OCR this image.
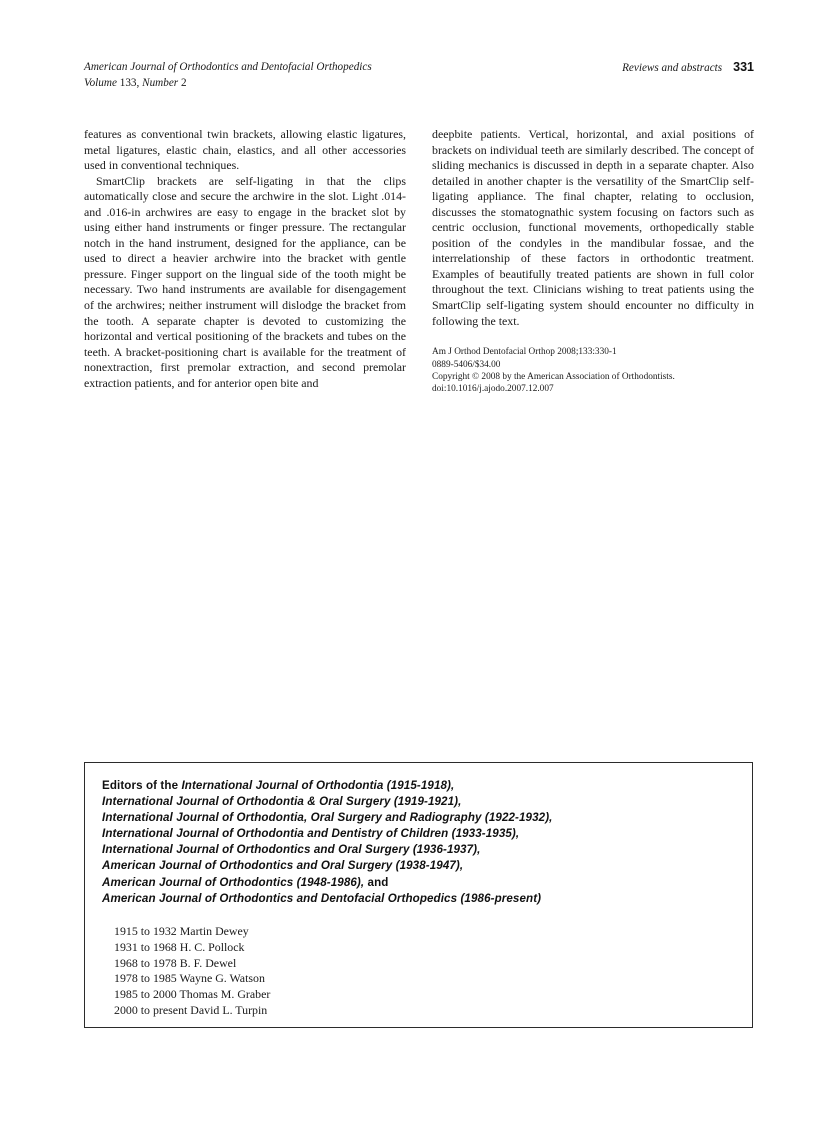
American Journal of Orthodontics and Dentofacial Orthopedics
Volume 133, Number 2
Reviews and abstracts 331

features as conventional twin brackets, allowing elastic ligatures, metal ligatures, elastic chain, elastics, and all other accessories used in conventional techniques.

SmartClip brackets are self-ligating in that the clips automatically close and secure the archwire in the slot. Light .014- and .016-in archwires are easy to engage in the bracket slot by using either hand instruments or finger pressure. The rectangular notch in the hand instrument, designed for the appliance, can be used to direct a heavier archwire into the bracket with gentle pressure. Finger support on the lingual side of the tooth might be necessary. Two hand instruments are available for disengagement of the archwires; neither instrument will dislodge the bracket from the tooth. A separate chapter is devoted to customizing the horizontal and vertical positioning of the brackets and tubes on the teeth. A bracket-positioning chart is available for the treatment of nonextraction, first premolar extraction, and second premolar extraction patients, and for anterior open bite and

deepbite patients. Vertical, horizontal, and axial positions of brackets on individual teeth are similarly described. The concept of sliding mechanics is discussed in depth in a separate chapter. Also detailed in another chapter is the versatility of the SmartClip self-ligating appliance. The final chapter, relating to occlusion, discusses the stomatognathic system focusing on factors such as centric occlusion, functional movements, orthopedically stable position of the condyles in the mandibular fossae, and the interrelationship of these factors in orthodontic treatment. Examples of beautifully treated patients are shown in full color throughout the text. Clinicians wishing to treat patients using the SmartClip self-ligating system should encounter no difficulty in following the text.

Am J Orthod Dentofacial Orthop 2008;133:330-1
0889-5406/$34.00
Copyright © 2008 by the American Association of Orthodontists.
doi:10.1016/j.ajodo.2007.12.007
Editors of the International Journal of Orthodontia (1915-1918),
International Journal of Orthodontia & Oral Surgery (1919-1921),
International Journal of Orthodontia, Oral Surgery and Radiography (1922-1932),
International Journal of Orthodontia and Dentistry of Children (1933-1935),
International Journal of Orthodontics and Oral Surgery (1936-1937),
American Journal of Orthodontics and Oral Surgery (1938-1947),
American Journal of Orthodontics (1948-1986), and
American Journal of Orthodontics and Dentofacial Orthopedics (1986-present)
1915 to 1932 Martin Dewey
1931 to 1968 H. C. Pollock
1968 to 1978 B. F. Dewel
1978 to 1985 Wayne G. Watson
1985 to 2000 Thomas M. Graber
2000 to present David L. Turpin
